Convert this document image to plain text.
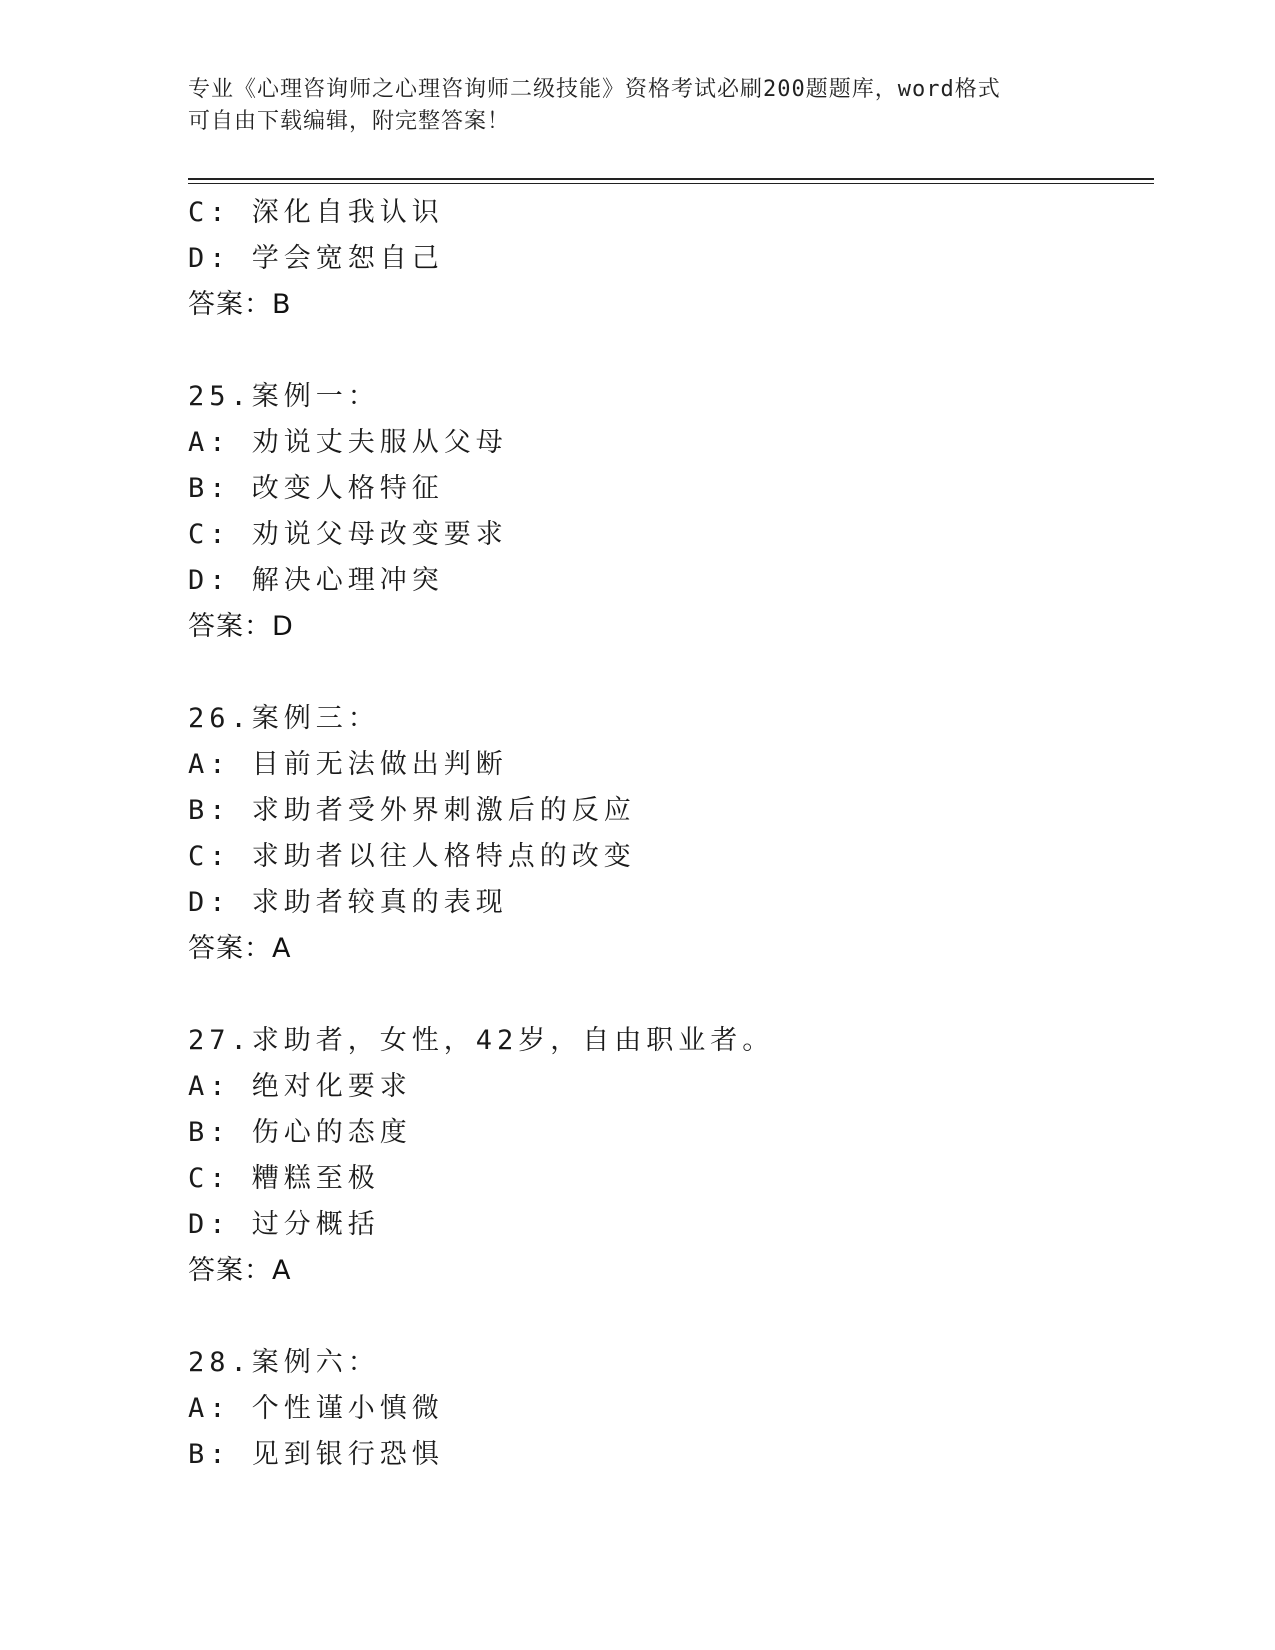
专业《心理咨询师之心理咨询师二级技能》资格考试必刷200题题库，word格式
可自由下载编辑，附完整答案！
C: 深化自我认识
D: 学会宽恕自己
答案：B
25.案例一：
A: 劝说丈夫服从父母
B: 改变人格特征
C: 劝说父母改变要求
D: 解决心理冲突
答案：D
26.案例三：
A: 目前无法做出判断
B: 求助者受外界刺激后的反应
C: 求助者以往人格特点的改变
D: 求助者较真的表现
答案：A
27.求助者，女性，42岁，自由职业者。
A: 绝对化要求
B: 伤心的态度
C: 糟糕至极
D: 过分概括
答案：A
28.案例六：
A: 个性谨小慎微
B: 见到银行恐惧
